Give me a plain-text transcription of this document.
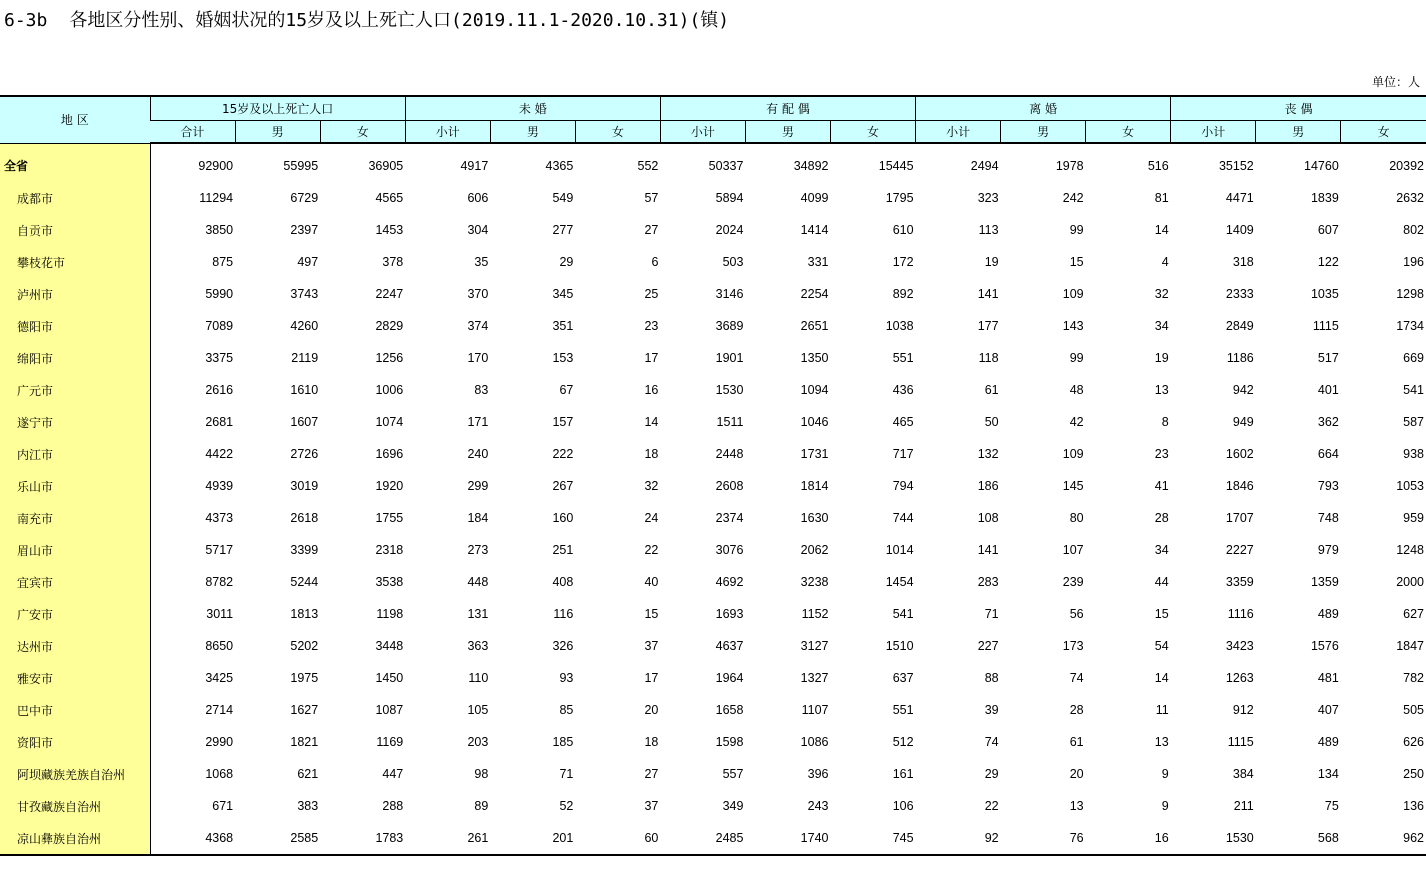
6-3b 各地区分性别、婚姻状况的15岁及以上死亡人口(2019.11.1-2020.10.31)(镇)
单位：人
地 区	15岁及以上死亡人口			未 婚			有 配 偶			离 婚			丧 偶		
	合计	男	女	小计	男	女	小计	男	女	小计	男	女	小计	男	女
全省	92900	55995	36905	4917	4365	552	50337	34892	15445	2494	1978	516	35152	14760	20392
成都市	11294	6729	4565	606	549	57	5894	4099	1795	323	242	81	4471	1839	2632
自贡市	3850	2397	1453	304	277	27	2024	1414	610	113	99	14	1409	607	802
攀枝花市	875	497	378	35	29	6	503	331	172	19	15	4	318	122	196
泸州市	5990	3743	2247	370	345	25	3146	2254	892	141	109	32	2333	1035	1298
德阳市	7089	4260	2829	374	351	23	3689	2651	1038	177	143	34	2849	1115	1734
绵阳市	3375	2119	1256	170	153	17	1901	1350	551	118	99	19	1186	517	669
广元市	2616	1610	1006	83	67	16	1530	1094	436	61	48	13	942	401	541
遂宁市	2681	1607	1074	171	157	14	1511	1046	465	50	42	8	949	362	587
内江市	4422	2726	1696	240	222	18	2448	1731	717	132	109	23	1602	664	938
乐山市	4939	3019	1920	299	267	32	2608	1814	794	186	145	41	1846	793	1053
南充市	4373	2618	1755	184	160	24	2374	1630	744	108	80	28	1707	748	959
眉山市	5717	3399	2318	273	251	22	3076	2062	1014	141	107	34	2227	979	1248
宜宾市	8782	5244	3538	448	408	40	4692	3238	1454	283	239	44	3359	1359	2000
广安市	3011	1813	1198	131	116	15	1693	1152	541	71	56	15	1116	489	627
达州市	8650	5202	3448	363	326	37	4637	3127	1510	227	173	54	3423	1576	1847
雅安市	3425	1975	1450	110	93	17	1964	1327	637	88	74	14	1263	481	782
巴中市	2714	1627	1087	105	85	20	1658	1107	551	39	28	11	912	407	505
资阳市	2990	1821	1169	203	185	18	1598	1086	512	74	61	13	1115	489	626
阿坝藏族羌族自治州	1068	621	447	98	71	27	557	396	161	29	20	9	384	134	250
甘孜藏族自治州	671	383	288	89	52	37	349	243	106	22	13	9	211	75	136
凉山彝族自治州	4368	2585	1783	261	201	60	2485	1740	745	92	76	16	1530	568	962
